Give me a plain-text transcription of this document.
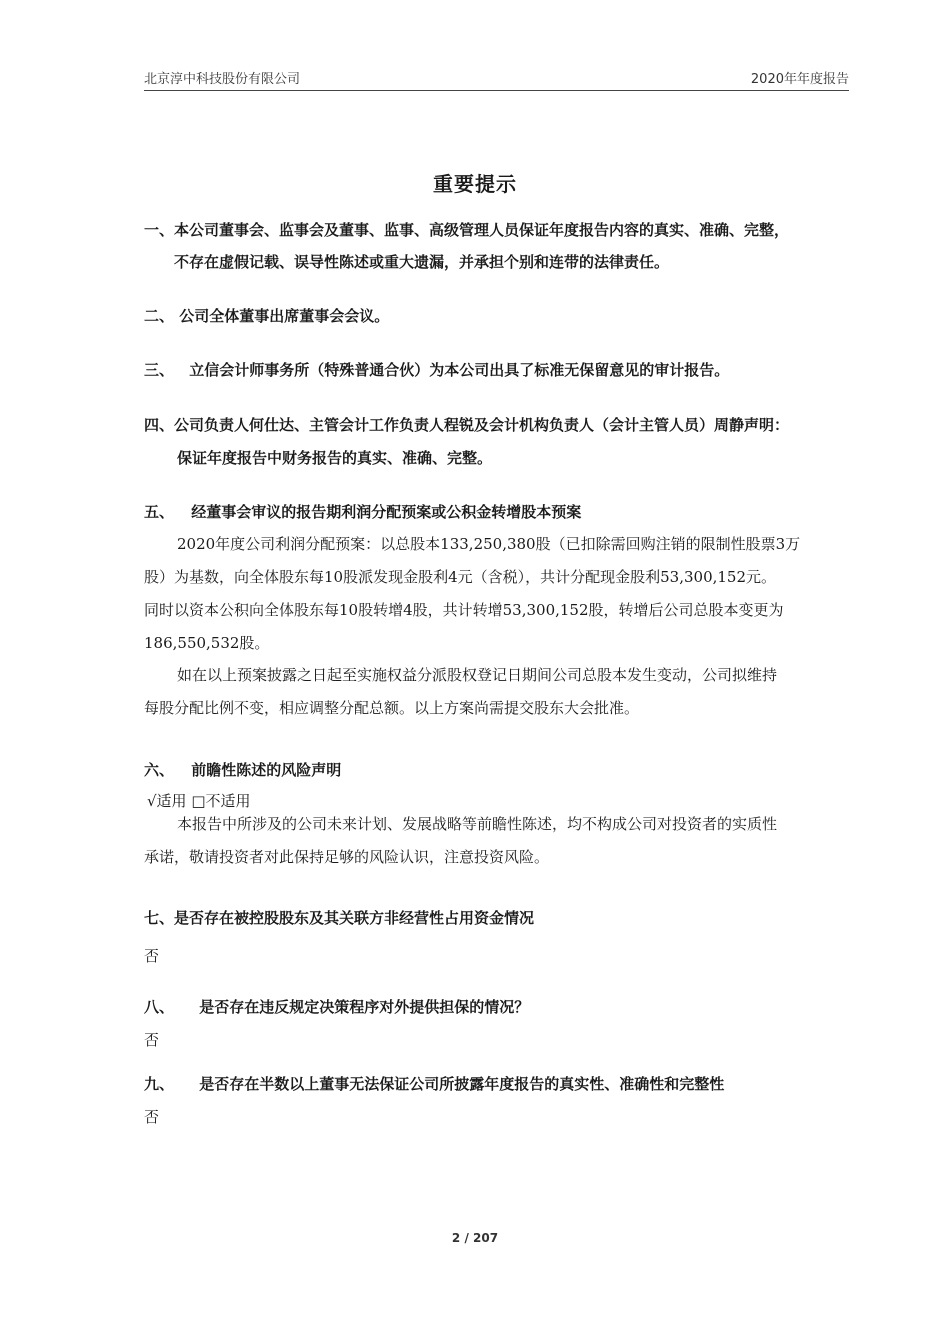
北京淳中科技股份有限公司	2020年年度报告
重要提示
一、本公司董事会、监事会及董事、监事、高级管理人员保证年度报告内容的真实、准确、完整，
不存在虚假记载、误导性陈述或重大遗漏，并承担个别和连带的法律责任。
二、 公司全体董事出席董事会会议。
三、 立信会计师事务所（特殊普通合伙）为本公司出具了标准无保留意见的审计报告。
四、公司负责人何仕达、主管会计工作负责人程锐及会计机构负责人（会计主管人员）周静声明：
保证年度报告中财务报告的真实、准确、完整。
五、 经董事会审议的报告期利润分配预案或公积金转增股本预案
2020年度公司利润分配预案：以总股本133,250,380股（已扣除需回购注销的限制性股票3万
股）为基数，向全体股东每10股派发现金股利4元（含税），共计分配现金股利53,300,152元。
同时以资本公积向全体股东每10股转增4股，共计转增53,300,152股，转增后公司总股本变更为
186,550,532股。
如在以上预案披露之日起至实施权益分派股权登记日期间公司总股本发生变动，公司拟维持
每股分配比例不变，相应调整分配总额。以上方案尚需提交股东大会批准。
六、 前瞻性陈述的风险声明
√适用 □不适用
本报告中所涉及的公司未来计划、发展战略等前瞻性陈述，均不构成公司对投资者的实质性
承诺，敬请投资者对此保持足够的风险认识，注意投资风险。
七、是否存在被控股股东及其关联方非经营性占用资金情况
否
八、 是否存在违反规定决策程序对外提供担保的情况？
否
九、 是否存在半数以上董事无法保证公司所披露年度报告的真实性、准确性和完整性
否
2 / 207
